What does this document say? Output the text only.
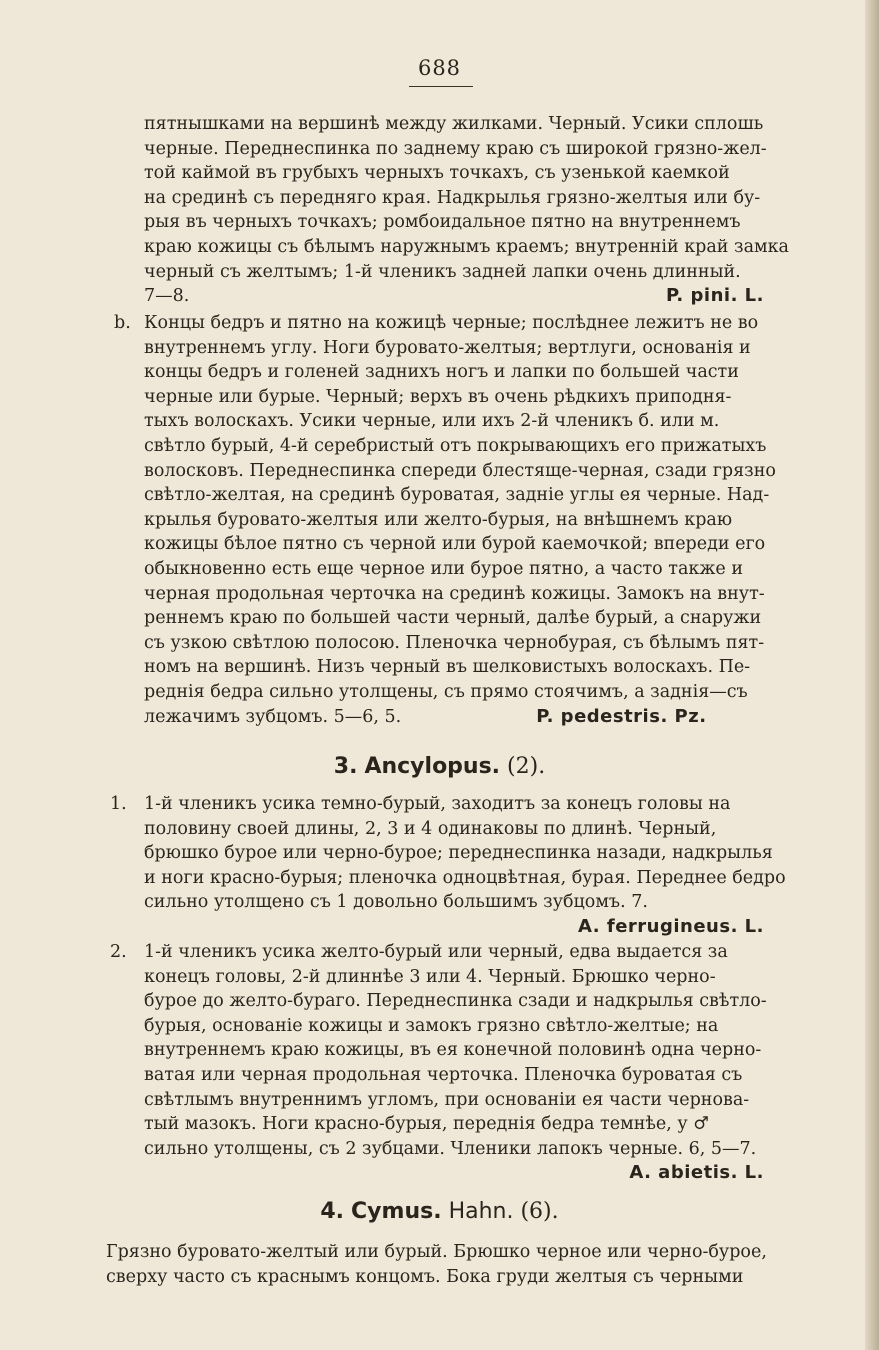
688
пятнышками на вершинѣ между жилками. Черный. Усики сплошь
черные. Переднеспинка по заднему краю съ широкой грязно-жел-
той каймой въ грубыхъ черныхъ точкахъ, съ узенькой каемкой
на срединѣ съ передняго края. Надкрылья грязно-желтыя или бу-
рыя въ черныхъ точкахъ; ромбоидальное пятно на внутреннемъ
краю кожицы съ бѣлымъ наружнымъ краемъ; внутренній край замка
черный съ желтымъ; 1-й членикъ задней лапки очень длинный.
7—8.	P. pini. L.
b. Концы бедръ и пятно на кожицѣ черные; послѣднее лежитъ не во
внутреннемъ углу. Ноги буровато-желтыя; вертлуги, основанія и
концы бедръ и голеней заднихъ ногъ и лапки по большей части
черные или бурые. Черный; верхъ въ очень рѣдкихъ приподня-
тыхъ волоскахъ. Усики черные, или ихъ 2-й членикъ б. или м.
свѣтло бурый, 4-й серебристый отъ покрывающихъ его прижатыхъ
волосковъ. Переднеспинка спереди блестяще-черная, сзади грязно
свѣтло-желтая, на срединѣ буроватая, задніе углы ея черные. Над-
крылья буровато-желтыя или желто-бурыя, на внѣшнемъ краю
кожицы бѣлое пятно съ черной или бурой каемочкой; впереди его
обыкновенно есть еще черное или бурое пятно, а часто также и
черная продольная черточка на срединѣ кожицы. Замокъ на внут-
реннемъ краю по большей части черный, далѣе бурый, а снаружи
съ узкою свѣтлою полосою. Пленочка чернобурая, съ бѣлымъ пят-
номъ на вершинѣ. Низъ черный въ шелковистыхъ волоскахъ. Пе-
реднія бедра сильно утолщены, съ прямо стоячимъ, а заднія—съ
лежачимъ зубцомъ. 5—6, 5.	P. pedestris. Pz.
3. Ancylopus. (2).
1. 1-й членикъ усика темно-бурый, заходитъ за конецъ головы на
половину своей длины, 2, 3 и 4 одинаковы по длинѣ. Черный,
брюшко бурое или черно-бурое; переднеспинка назади, надкрылья
и ноги красно-бурыя; пленочка одноцвѣтная, бурая. Переднее бедро
сильно утолщено съ 1 довольно большимъ зубцомъ. 7.
A. ferrugineus. L.
2. 1-й членикъ усика желто-бурый или черный, едва выдается за
конецъ головы, 2-й длиннѣе 3 или 4. Черный. Брюшко черно-
бурое до желто-бураго. Переднеспинка сзади и надкрылья свѣтло-
бурыя, основаніе кожицы и замокъ грязно свѣтло-желтые; на
внутреннемъ краю кожицы, въ ея конечной половинѣ одна черно-
ватая или черная продольная черточка. Пленочка буроватая съ
свѣтлымъ внутреннимъ угломъ, при основаніи ея части чернова-
тый мазокъ. Ноги красно-бурыя, переднія бедра темнѣе, у ♂
сильно утолщены, съ 2 зубцами. Членики лапокъ черные. 6, 5—7.
A. abietis. L.
4. Cymus. Hahn. (6).
Грязно буровато-желтый или бурый. Брюшко черное или черно-бурое,
сверху часто съ краснымъ концомъ. Бока груди желтыя съ черными
